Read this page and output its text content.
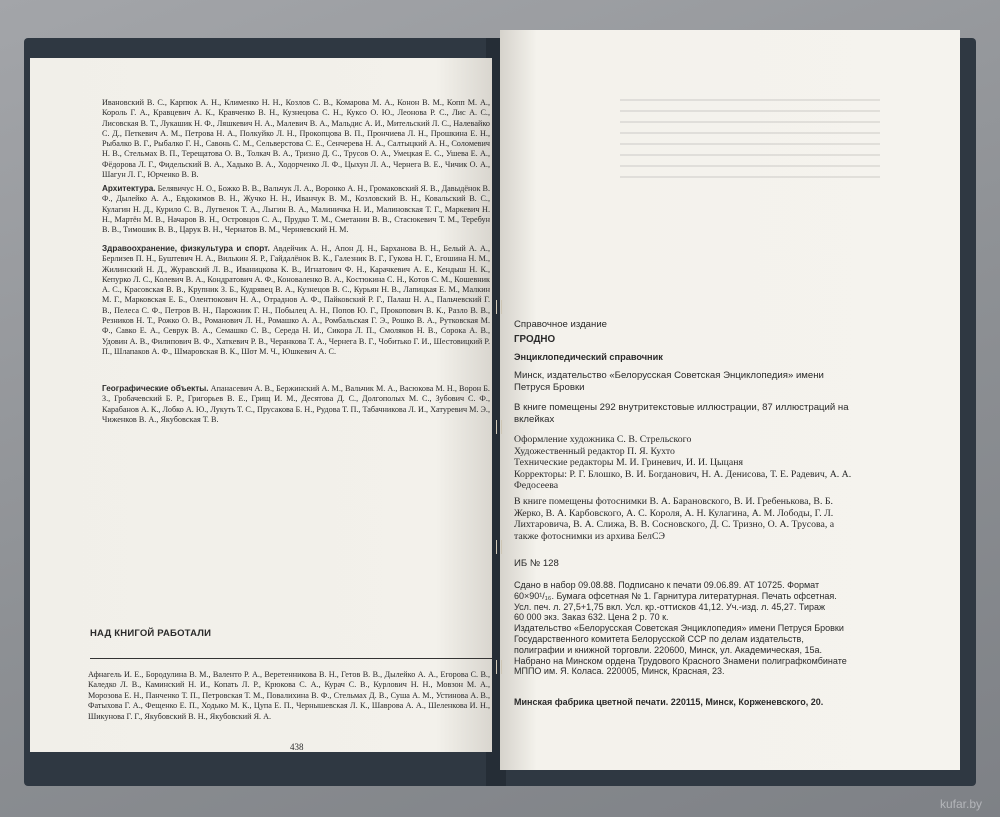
Ивановский В. С., Карпюк А. Н., Клименко Н. Н., Козлов С. В., Комарова М. А., Конон В. М., Копп М. А., Король Г. А., Кравцевич А. К., Кравченко В. Н., Кузнецова С. Н., Куксо О. Ю., Леонова Р. С., Лис А. С., Лисовская В. Т., Лукашик Н. Ф., Ляшкевич Н. А., Малевич В. А., Мальдис А. И., Мительский Л. С., Налевайко С. Д., Петкевич А. М., Петрова Н. А., Полкуйко Л. Н., Прокопцова В. П., Прончиева Л. Н., Прошкина Е. Н., Рыбалко В. Г., Рыбалко Г. Н., Савонь С. М., Сельверстова С. Е., Сенчерева Н. А., Салтыцкий А. Н., Соломевич Н. В., Стельмах В. П., Терещатова О. В., Толкач В. А., Тризно Д. С., Трусов О. А., Умецкая Е. С., Ушева Е. А., Фёдорова Л. Г., Фидельский В. А., Хадыко В. А., Ходорченко Л. Ф., Цыхун Л. А., Чернега В. Е., Чичик О. А., Шагун Л. Г., Юрченко В. В.

Архитектура. Белявичус Н. О., Божко В. В., Вальчук Л. А., Воронко А. Н., Громаковский Я. В., Давыдёнок В. Ф., Дылейко А. А., Евдокимов В. Н., Жучко Н. Н., Иванчук В. М., Козловский В. Н., Ковальский В. С., Кулагин Н. Д., Курило С. В., Лугвенок Т. А., Лыгин В. А., Малиничка Н. И., Малиновская Т. Г., Маркевич Н. Н., Мартён М. В., Начаров В. Н., Островцов С. А., Прудко Т. М., Сметанин В. В., Стасюкевич Т. М., Теребун В. В., Тимошик В. В., Царук В. Н., Чернатов В. М., Черняевский Н. М.

Здравоохранение, физкультура и спорт. Авдейчик А. Н., Апон Д. Н., Барханова В. Н., Белый А. А., Берлизев П. Н., Буштевич Н. А., Вилькин Я. Р., Гайдалёнок В. К., Галезник В. Г., Гукова Н. Г., Егошина Н. М., Жилинский Н. Д., Журавский Л. В., Иваницкова К. В., Игнатович Ф. Н., Карачкевич А. Е., Кендыш Н. К., Кепурко Л. С., Колевич В. А., Кондратович А. Ф., Коноваленко В. А., Костюкина С. Н., Котов С. М., Кошевник А. С., Красовская В. В., Крупник З. Б., Кудрявец В. А., Кузнецов В. С., Курьян Н. В., Лапицкая Е. М., Малкин М. Г., Марковская Е. Б., Олентюкович Н. А., Отраднов А. Ф., Пайковский Р. Г., Палаш Н. А., Пальчевский Г. В., Пелеса С. Ф., Петров В. Н., Парожник Г. Н., Побылец А. Н., Попов Ю. Г., Прокопович В. К., Разло В. В., Резников Н. Т., Рожко О. В., Романович Л. Н., Ромашко А. А., Ромбальская Г. Э., Рошко В. А., Рутковская М. Ф., Савко Е. А., Севрук В. А., Семашко С. В., Середа Н. И., Сикора Л. П., Смоляков Н. В., Сорока А. В., Удовин А. В., Филипович В. Ф., Хаткевич Р. В., Черанкова Т. А., Чернега В. Г., Чобитько Г. И., Шестовицкий Р. П., Шлапаков А. Ф., Шмаровская В. К., Шот М. Ч., Юшкевич А. С.

Географические объекты. Апанасевич А. В., Бержинский А. М., Вальчик М. А., Васюкова М. Н., Ворон Б. З., Гробачевский Б. Р., Григорьев В. Е., Грищ И. М., Десятова Д. С., Долгополых М. С., Зубович С. Ф., Карабанов А. К., Лобко А. Ю., Лукуть Т. С., Прусакова Б. Н., Рудова Т. П., Табачникова Л. И., Хатуревич М. Э., Чиженков В. А., Якубовская Т. В.

НАД КНИГОЙ РАБОТАЛИ

Афнагель И. Е., Бородулина В. М., Валенто Р. А., Веретенникова В. Н., Гетов В. В., Дылейко А. А., Егорова С. В., Каледко Л. В., Каминский Н. И., Копать Л. Р., Крюкова С. А., Курач С. В., Курлович Н. Н., Мовзон М. А., Морозова Е. Н., Панченко Т. П., Петровская Т. М., Повалихина В. Ф., Стельмах Д. В., Суша А. М., Устинова А. В., Фатыхова Г. А., Фещенко Е. П., Ходыко М. К., Цупа Е. П., Чернышевская Л. К., Шаврова А. А., Шеленкова И. Н., Шикунова Г. Г., Якубовский В. Н., Якубовский Я. А.

438

Справочное издание

ГРОДНО

Энциклопедический справочник

Минск, издательство «Белорусская Советская Энциклопедия» имени Петруся Бровки

В книге помещены 292 внутритекстовые иллюстрации, 87 иллюстраций на вклейках

Оформление художника С. В. Стрельского
Художественный редактор П. Я. Кухто
Технические редакторы М. И. Гриневич, И. И. Цыцаня
Корректоры: Р. Г. Блошко, В. И. Богданович, Н. А. Денисова, Т. Е. Радевич, А. А. Федосеева

В книге помещены фотоснимки В. А. Барановского, В. И. Гребенькова, В. Б. Жерко, В. А. Карбовского, А. С. Короля, А. Н. Кулагина, А. М. Лободы, Г. Л. Лихтаровича, В. А. Слижа, В. В. Сосновского, Д. С. Тризно, О. А. Трусова, а также фотоснимки из архива БелСЭ

ИБ № 128

Сдано в набор 09.08.88. Подписано к печати 09.06.89. АТ 10725. Формат
60×90¹/₁₆. Бумага офсетная № 1. Гарнитура литературная. Печать офсетная.
Усл. печ. л. 27,5+1,75 вкл. Усл. кр.-оттисков 41,12. Уч.-изд. л. 45,27. Тираж
60 000 экз. Заказ 632. Цена 2 р. 70 к.
Издательство «Белорусская Советская Энциклопедия» имени Петруся Бровки
Государственного комитета Белорусской ССР по делам издательств, полиграфии и книжной торговли. 220600, Минск, ул. Академическая, 15а.
Набрано на Минском ордена Трудового Красного Знамени полиграфкомбинате
МППО им. Я. Коласа. 220005, Минск, Красная, 23.

Минская фабрика цветной печати. 220115, Минск, Корженевского, 20.

kufar.by
